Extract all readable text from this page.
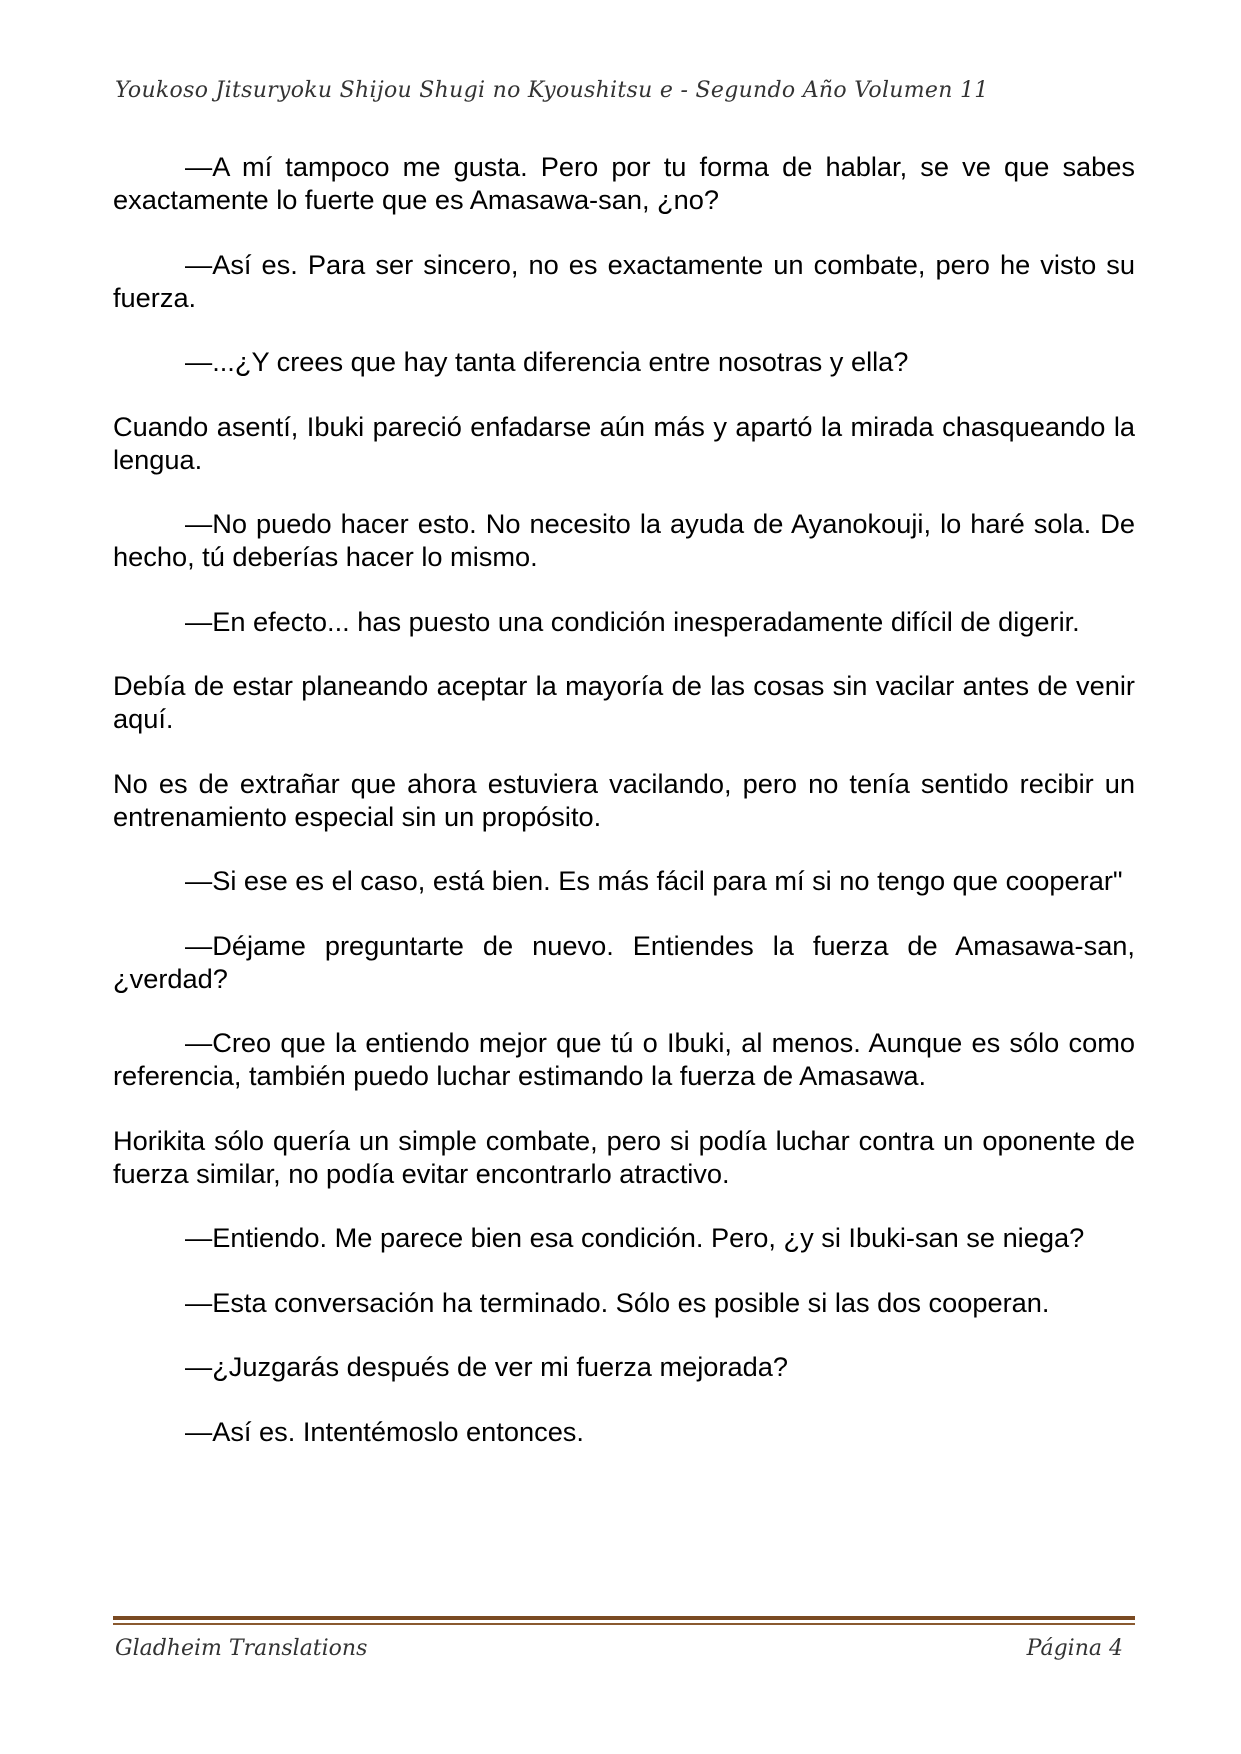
Youkoso Jitsuryoku Shijou Shugi no Kyoushitsu e - Segundo Año Volumen 11

—A mí tampoco me gusta. Pero por tu forma de hablar, se ve que sabes exactamente lo fuerte que es Amasawa-san, ¿no?

—Así es. Para ser sincero, no es exactamente un combate, pero he visto su fuerza.

—...¿Y crees que hay tanta diferencia entre nosotras y ella?

Cuando asentí, Ibuki pareció enfadarse aún más y apartó la mirada chasqueando la lengua.

—No puedo hacer esto. No necesito la ayuda de Ayanokouji, lo haré sola. De hecho, tú deberías hacer lo mismo.

—En efecto... has puesto una condición inesperadamente difícil de digerir.

Debía de estar planeando aceptar la mayoría de las cosas sin vacilar antes de venir aquí.

No es de extrañar que ahora estuviera vacilando, pero no tenía sentido recibir un entrenamiento especial sin un propósito.

—Si ese es el caso, está bien. Es más fácil para mí si no tengo que cooperar"

—Déjame preguntarte de nuevo. Entiendes la fuerza de Amasawa-san, ¿verdad?

—Creo que la entiendo mejor que tú o Ibuki, al menos. Aunque es sólo como referencia, también puedo luchar estimando la fuerza de Amasawa.

Horikita sólo quería un simple combate, pero si podía luchar contra un oponente de fuerza similar, no podía evitar encontrarlo atractivo.

—Entiendo. Me parece bien esa condición. Pero, ¿y si Ibuki-san se niega?

—Esta conversación ha terminado. Sólo es posible si las dos cooperan.

—¿Juzgarás después de ver mi fuerza mejorada?

—Así es. Intentémoslo entonces.

Gladheim Translations	Página 4
